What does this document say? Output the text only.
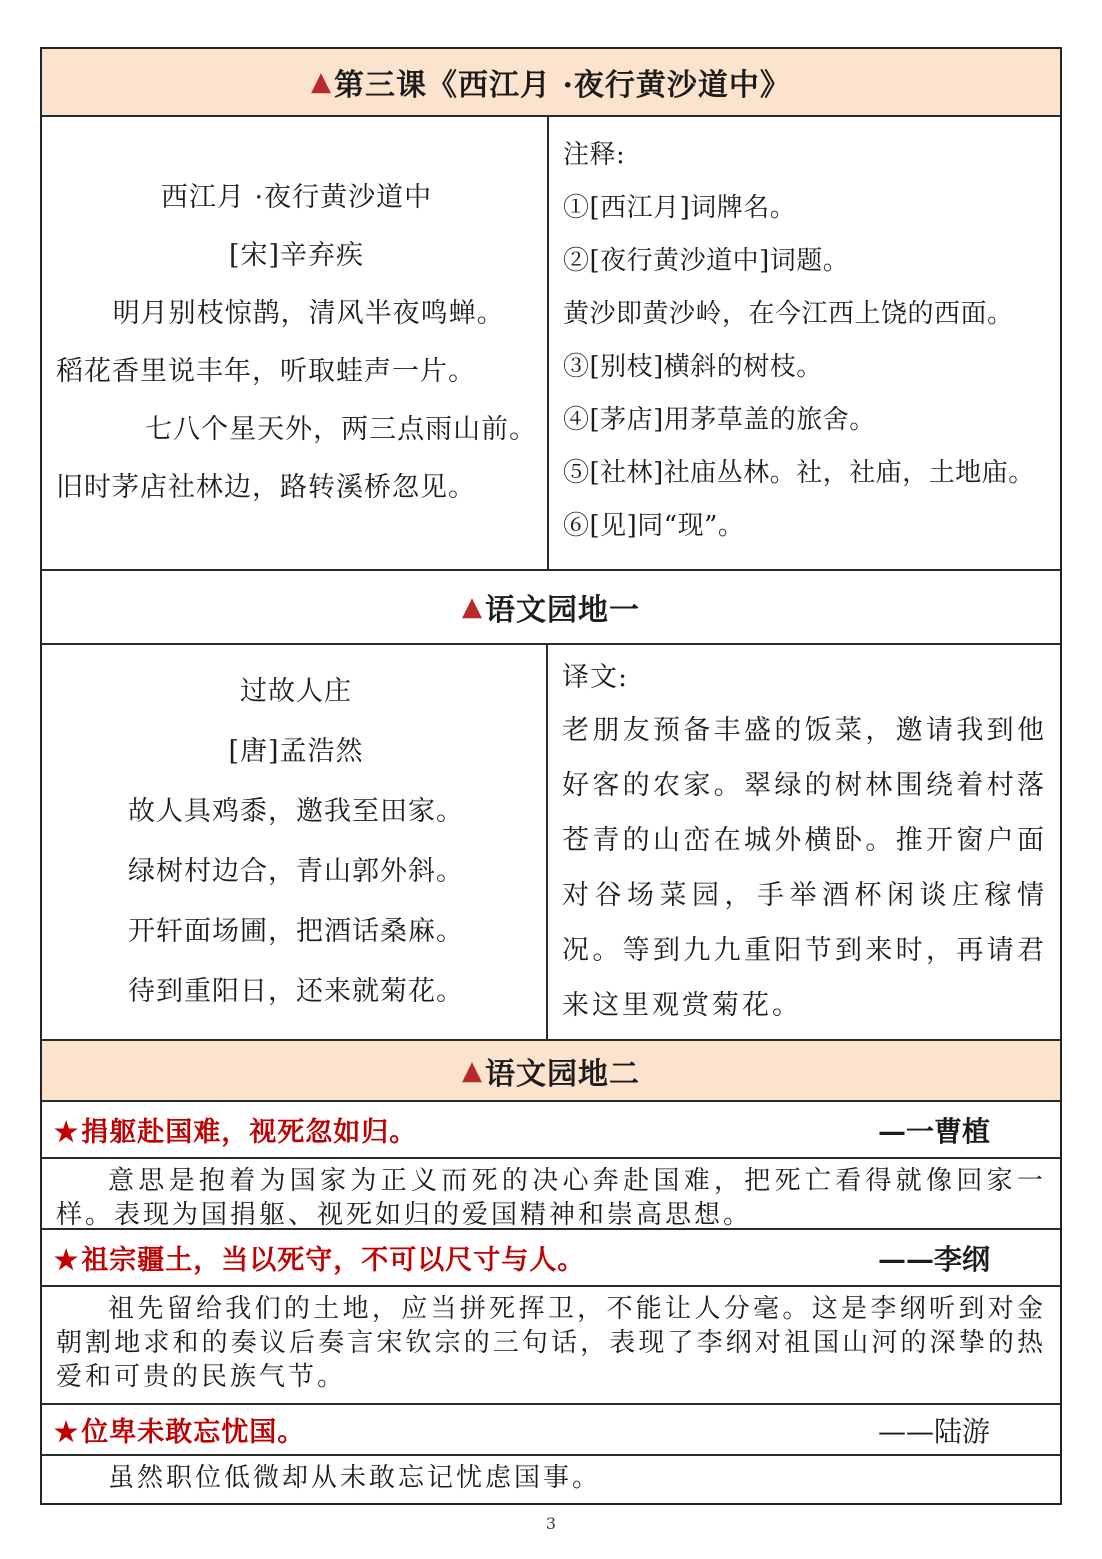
▲ 第三课《西江月 ·夜行黄沙道中》
西江月 ·夜行黄沙道中
[宋]辛弃疾
明月别枝惊鹊，清风半夜鸣蝉。
稻花香里说丰年，听取蛙声一片。
七八个星天外，两三点雨山前。
旧时茅店社林边，路转溪桥忽见。
注释:
①[西江月]词牌名。
②[夜行黄沙道中]词题。
黄沙即黄沙岭，在今江西上饶的西面。
③[别枝]横斜的树枝。
④[茅店]用茅草盖的旅舍。
⑤[社林]社庙丛林。社，社庙，土地庙。
⑥[见]同“现”。
▲ 语文园地一
过故人庄
[唐]孟浩然
故人具鸡黍，邀我至田家。
绿树村边合，青山郭外斜。
开轩面场圃，把酒话桑麻。
待到重阳日，还来就菊花。
译文:
老朋友预备丰盛的饭菜，邀请我到他好客的农家。翠绿的树林围绕着村落苍青的山峦在城外横卧。推开窗户面对谷场菜园，手举酒杯闲谈庄稼情况。等到九九重阳节到来时，再请君来这里观赏菊花。
▲ 语文园地二
★捐躯赴国难，视死忽如归。	—一曹植

意思是抱着为国家为正义而死的决心奔赴国难，把死亡看得就像回家一样。表现为国捐躯、视死如归的爱国精神和崇高思想。

★祖宗疆土，当以死守，不可以尺寸与人。	——李纲

祖先留给我们的土地，应当拼死挥卫，不能让人分毫。这是李纲听到对金朝割地求和的奏议后奏言宋钦宗的三句话，表现了李纲对祖国山河的深挚的热 爱和可贵的民族气节。

★位卑未敢忘忧国。	——陆游

虽然职位低微却从未敢忘记忧虑国事。

3
